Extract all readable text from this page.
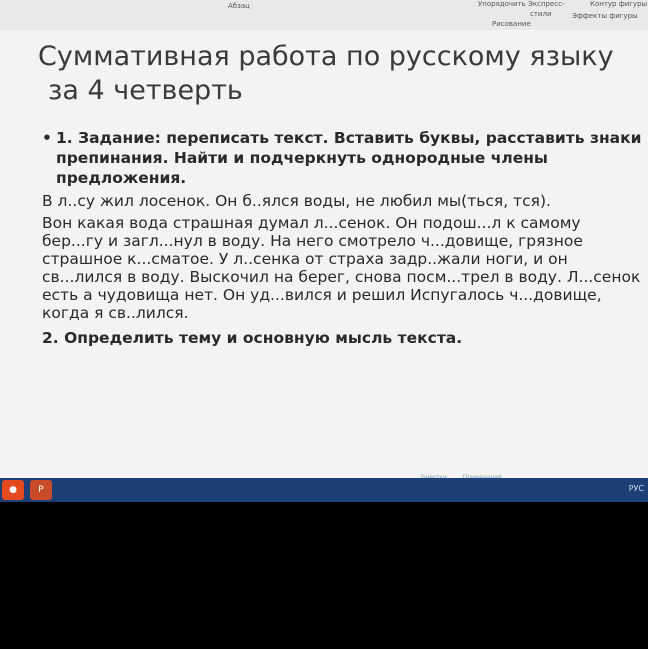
Абзац	Упорядочить Экспресс-
стили
Рисование
Контур фигуры
Эффекты фигуры
Суммативная работа по русскому языку
за 4 четверть
• 1. Задание: переписать текст. Вставить буквы, расставить знаки препинания. Найти и подчеркнуть однородные члены предложения.
В л..су жил лосенок. Он б..ялся воды, не любил мы(ться, тся).
Вон какая вода страшная думал л...сенок. Он подош...л к самому бер...гу и загл...нул в воду. На него смотрело ч...довище, грязное страшное к...сматое. У л..сенка от страха задр..жали ноги, и он св...лился в воду. Выскочил на берег, снова посм...трел в воду. Л...сенок есть а чудовища нет. Он уд...вился и решил Испугалось ч...довище, когда я св..лился.
2. Определить тему и основную мысль текста.
●	P	РУС
